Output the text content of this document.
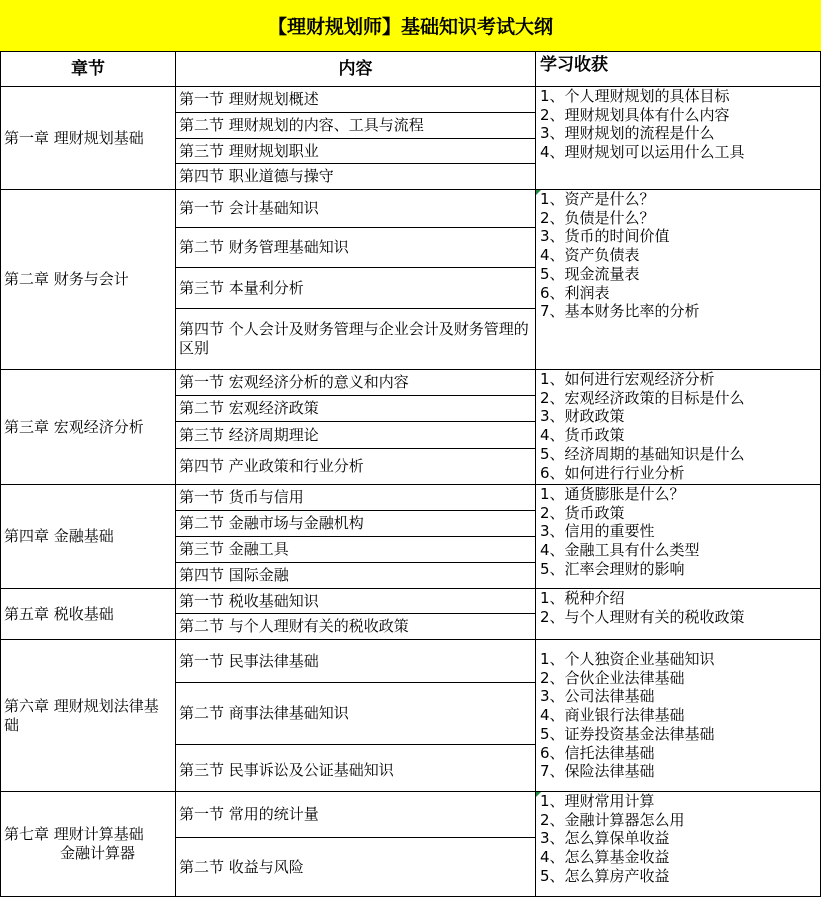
【理财规划师】基础知识考试大纲
章节	内容	学习收获
第一章 理财规划基础
第一节 理财规划概述
第二节 理财规划的内容、工具与流程
第三节 理财规划职业
第四节 职业道德与操守
1、个人理财规划的具体目标
2、理财规划具体有什么内容
3、理财规划的流程是什么
4、理财规划可以运用什么工具
第二章 财务与会计
第一节 会计基础知识
第二节 财务管理基础知识
第三节 本量利分析
第四节 个人会计及财务管理与企业会计及财务管理的区别
1、资产是什么？
2、负债是什么？
3、货币的时间价值
4、资产负债表
5、现金流量表
6、利润表
7、基本财务比率的分析
第三章 宏观经济分析
第一节 宏观经济分析的意义和内容
第二节 宏观经济政策
第三节 经济周期理论
第四节 产业政策和行业分析
1、如何进行宏观经济分析
2、宏观经济政策的目标是什么
3、财政政策
4、货币政策
5、经济周期的基础知识是什么
6、如何进行行业分析
第四章 金融基础
第一节 货币与信用
第二节 金融市场与金融机构
第三节 金融工具
第四节 国际金融
1、通货膨胀是什么？
2、货币政策
3、信用的重要性
4、金融工具有什么类型
5、汇率会理财的影响
第五章 税收基础
第一节 税收基础知识
第二节 与个人理财有关的税收政策
1、税种介绍
2、与个人理财有关的税收政策
第六章 理财规划法律基础
第一节 民事法律基础
第二节 商事法律基础知识
第三节 民事诉讼及公证基础知识
1、个人独资企业基础知识
2、合伙企业法律基础
3、公司法律基础
4、商业银行法律基础
5、证券投资基金法律基础
6、信托法律基础
7、保险法律基础
第七章 理财计算基础
金融计算器
第一节 常用的统计量
第二节 收益与风险
1、理财常用计算
2、金融计算器怎么用
3、怎么算保单收益
4、怎么算基金收益
5、怎么算房产收益
